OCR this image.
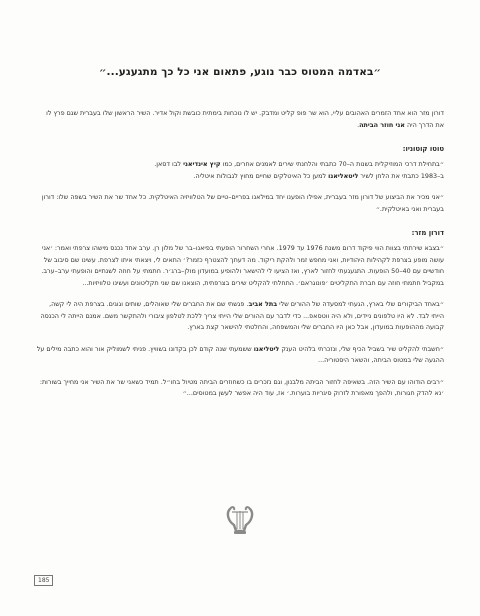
״באדמה המטוס כבר נוגע, פתאום אני כל כך מתגעגע...״

דורון מזר הוא אחד הזמרים האהובים עליי, הוא שר פופ קליט ומדבק. יש לו נוכחות בימתית כובשת וקול אדיר. השיר הראשון שלו בעברית שגם פרץ לו את הדרך היה אני חוזר הביתה.

טוטו קוטוניו:

״בתחילת דרכי המוזיקלית בשנות ה–70 כתבתי והלחנתי שירים לאמנים אחרים, כמו קיץ אינדיאני לבו דסאן.
ב–1983 כתבתי את הלחן לשיר ליטאליאנו למען כל האיטלקים שחיים מחוץ לגבולות איטליה.

״אני מכיר את הביצוע של דורון מזר בעברית, אפילו הופענו יחד במילאנו בפריים–טיים של הטלוויזיה האיטלקית. כל אחד שר את השיר בשפה שלו: דורון בעברית ואני באיטלקית.״

דורון מזר:

״בצבא שירתתי בצוות הווי פיקוד דרום משנת 1976 עד 1979. אחרי השחרור הופעתי בפיאנו–בר של מלון רן. ערב אחד נכנס מישהו צרפתי ואמר: ׳אני עושה מופע בצרפת לקהילות היהודיות, ואני מחפש זמר ולהקת ריקוד. מה דעתך להצטרף כזמר?׳ התאים לי, ויצאתי איתו לצרפת. עשינו שם סיבוב של חודשיים עם 40–50 הופעות. התגעגעתי לחזור לארץ, ואז הציעו לי להישאר ולהופיע במועדון מולן–ברג׳ר. חתמתי על חוזה לשנתיים והופעתי ערב–ערב. במקביל חתמתי חוזה עם חברת התקליטים ׳פונוגראם׳. התחלתי להקליט שירים בצרפתית, הוצאנו שם שני תקליטונים ועשינו טלוויזיות...

״באחד הביקורים שלי בארץ, הגעתי למסעדה של ההורים שלי בתל אביב. פגשתי שם את החברים שלי שאוהלים, שותים וגוגים. בצרפת היה לי קשה, הייתי לבד. לא היו טלפונים ניידים, ולא היה ווטסאפ... כדי לדבר עם ההורים שלי הייתי צריך ללכת לטלפון ציבורי ולהתקשר משם. אמנם הייתה לי הכנסה קבועה מההופעות במועדון, אבל כאן היו החברים שלי והמשפחה, והחלטתי להישאר קצת בארץ.

״חשבתי להקליט שיר בשביל הכיף שלי, ונזכרתי בלהיט הענק ליטליאנו ששמעתי שנה קודם לכן בקדונו בשוויץ. פניתי לשמוליק אור והוא כתבה מילים על ההגעה שלי במטוס הביתה, והשאר היסטוריה...

״רבים הודוהו עם השיר הזה. בשאיפה לחזור הביתה מלבנון, וגם נזכרים בו כשחוזרים הביתה מטיול בחו״ל. תמיד כשאני שר את השיר אני מחייך בשורות: ׳נא להדק חגורות, ולהפך מאפורת לזרוק סיגריות בוערות.׳ אז, עוד היה אפשר לעשן במטוסים...״

185
